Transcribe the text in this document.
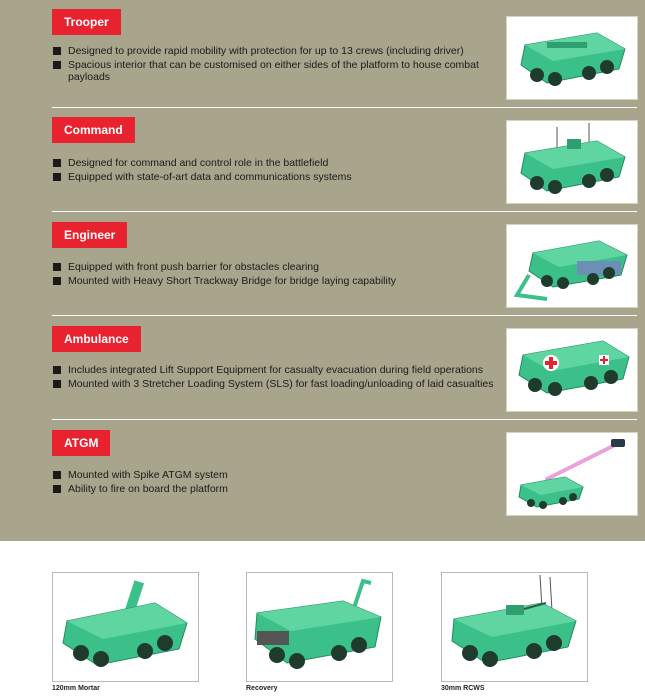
Trooper
Designed to provide rapid mobility with protection for up to 13 crews (including driver)
Spacious interior that can be customised on either sides of the platform to house combat payloads
Command
Designed for command and control role in the battlefield
Equipped with state-of-art data and communications systems
Engineer
Equipped with front push barrier for obstacles clearing
Mounted with Heavy Short Trackway Bridge for bridge laying capability
Ambulance
Includes integrated Lift Support Equipment for casualty evacuation during field operations
Mounted with 3 Stretcher Loading System (SLS) for fast loading/unloading of laid casualties
ATGM
Mounted with Spike ATGM system
Ability to fire on board the platform
120mm Mortar	Recovery	30mm RCWS
